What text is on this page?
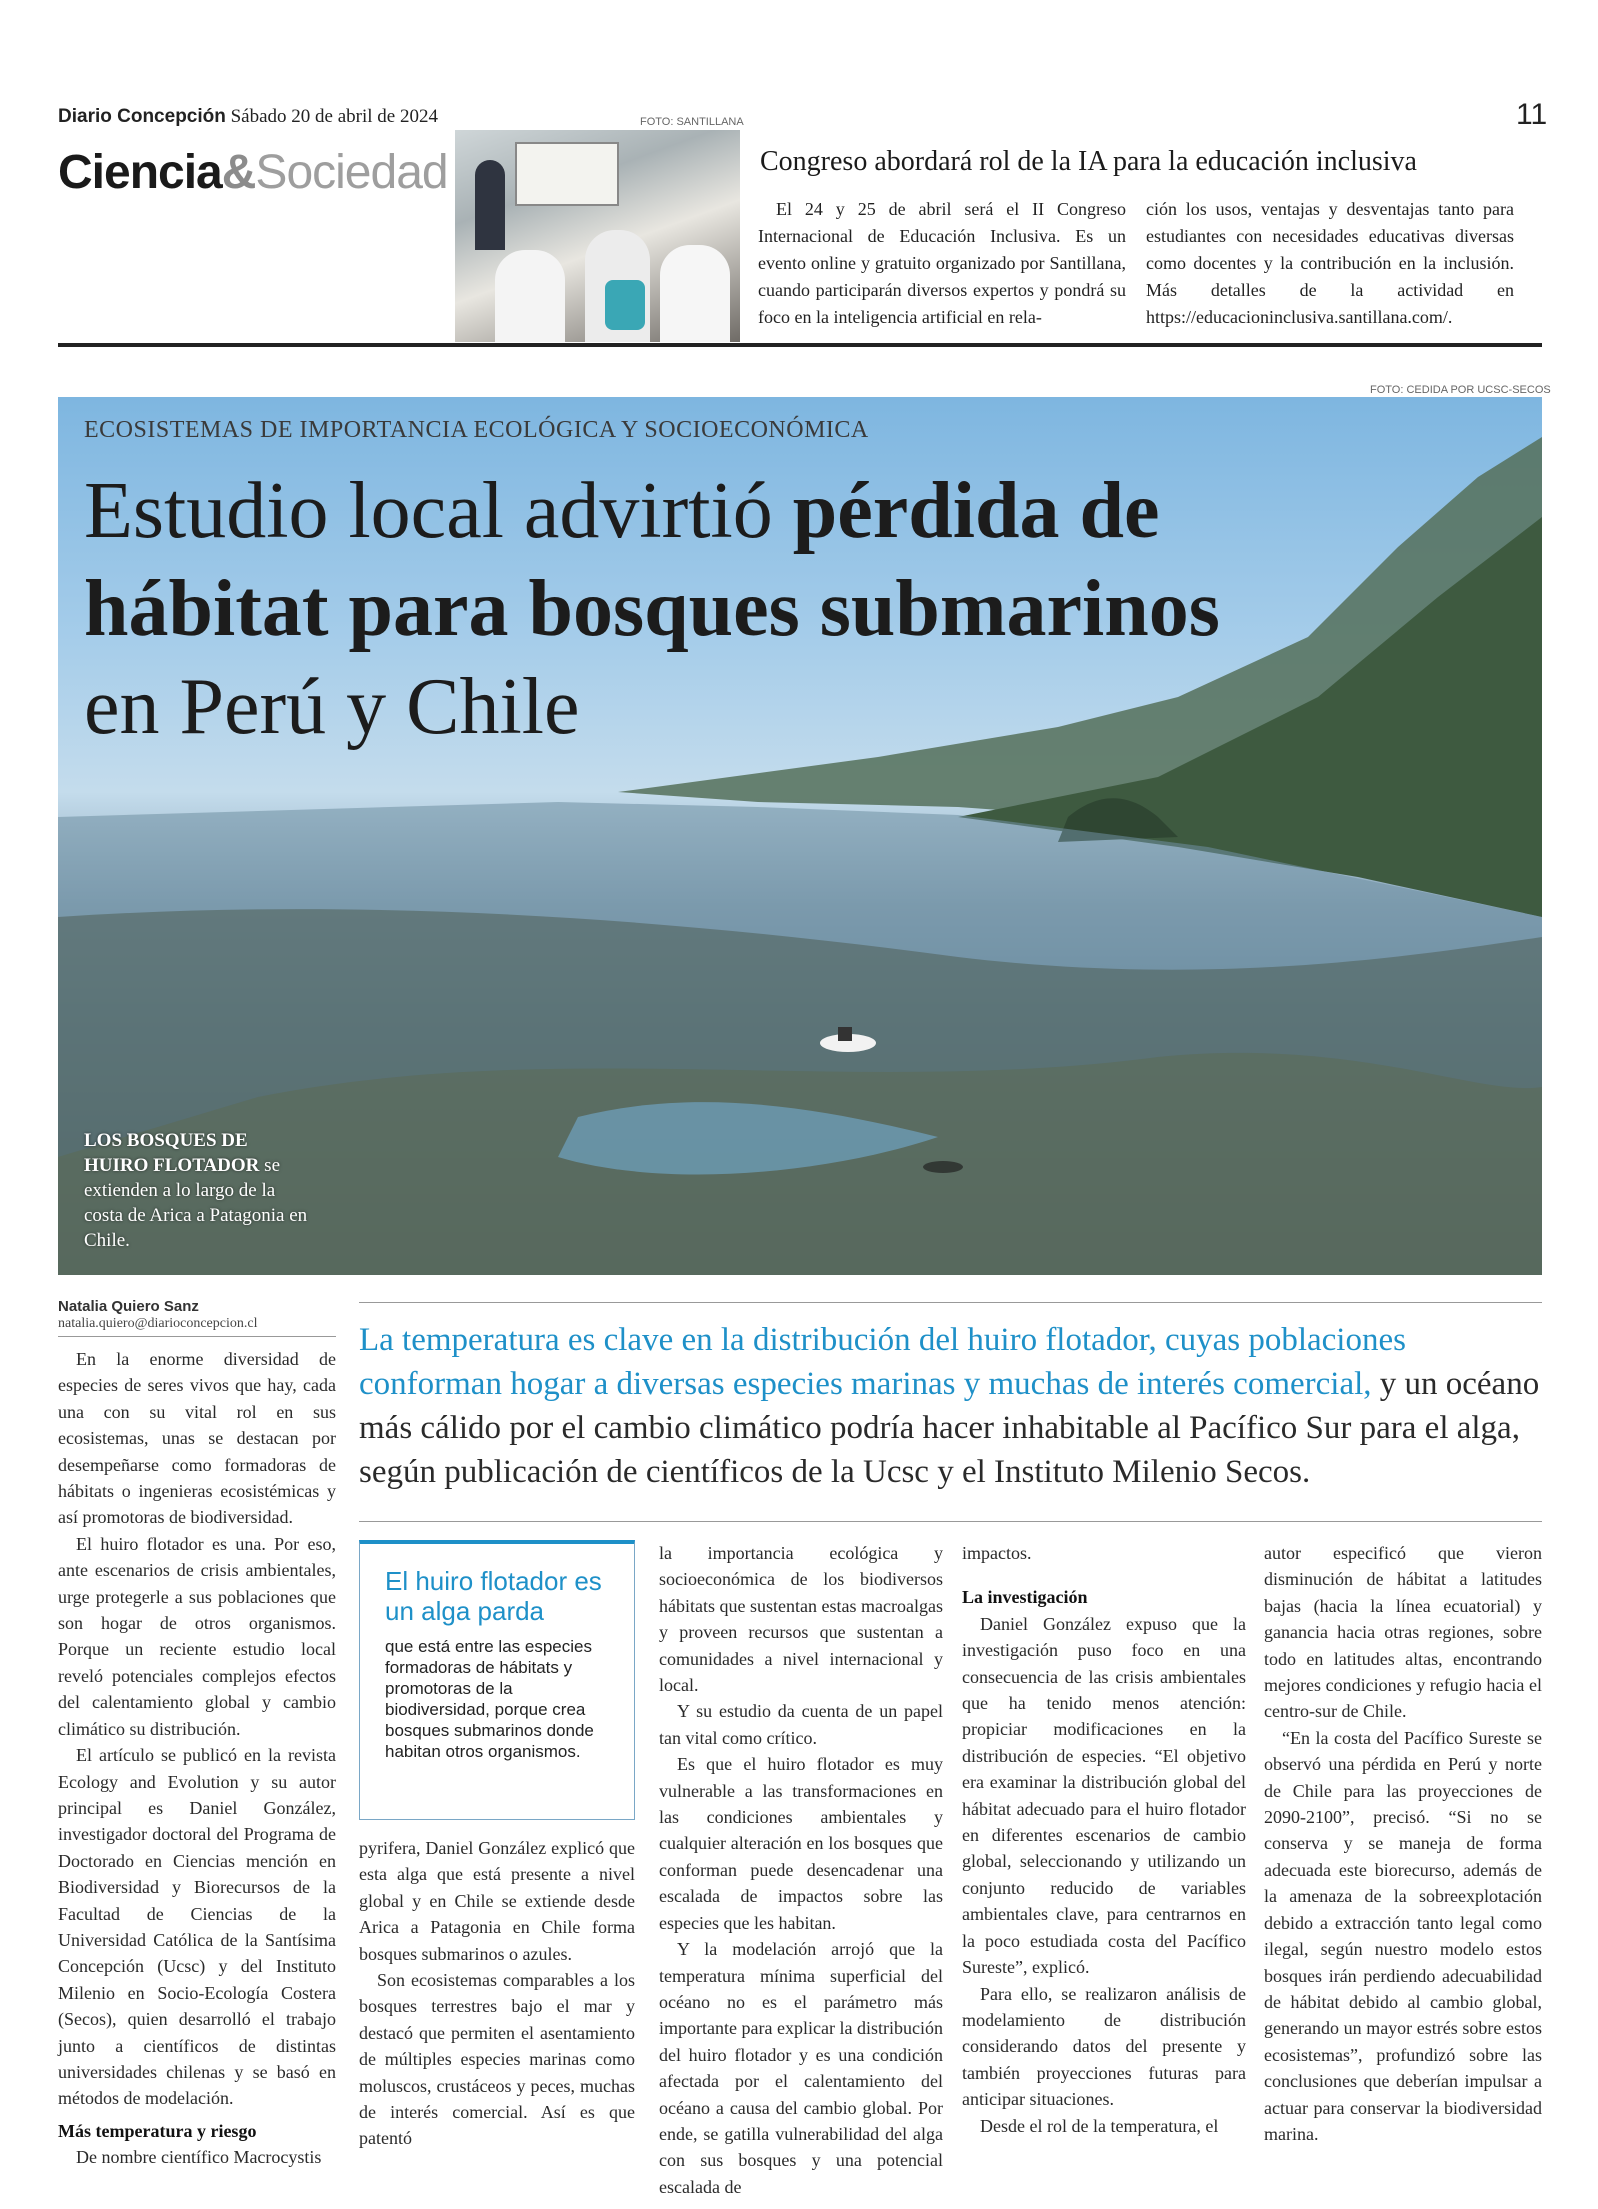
Diario Concepción Sábado 20 de abril de 2024	11
Ciencia&Sociedad
FOTO: SANTILLANA
Congreso abordará rol de la IA para la educación inclusiva
El 24 y 25 de abril será el II Congreso Internacional de Educación Inclusiva. Es un evento online y gratuito organizado por Santillana, cuando participarán diversos expertos y pondrá su foco en la inteligencia artificial en rela-
ción los usos, ventajas y desventajas tanto para estudiantes con necesidades educativas diversas como docentes y la contribución en la inclusión. Más detalles de la actividad en https://educacioninclusiva.santillana.com/.
FOTO: CEDIDA POR UCSC-SECOS
ECOSISTEMAS DE IMPORTANCIA ECOLÓGICA Y SOCIOECONÓMICA
Estudio local advirtió pérdida de hábitat para bosques submarinos en Perú y Chile
LOS BOSQUES DE HUIRO FLOTADOR se extienden a lo largo de la costa de Arica a Patagonia en Chile.
Natalia Quiero Sanz
natalia.quiero@diarioconcepcion.cl	La temperatura es clave en la distribución del huiro flotador, cuyas poblaciones conforman hogar a diversas especies marinas y muchas de interés comercial, y un océano más cálido por el cambio climático podría hacer inhabitable al Pacífico Sur para el alga, según publicación de científicos de la Ucsc y el Instituto Milenio Secos.

En la enorme diversidad de especies de seres vivos que hay, cada una con su vital rol en sus ecosistemas, unas se destacan por desempeñarse como formadoras de hábitats o ingenieras ecosistémicas y así promotoras de biodiversidad.

El huiro flotador es una. Por eso, ante escenarios de crisis ambientales, urge protegerle a sus poblaciones que son hogar de otros organismos. Porque un reciente estudio local reveló potenciales complejos efectos del calentamiento global y cambio climático su distribución.

El artículo se publicó en la revista Ecology and Evolution y su autor principal es Daniel González, investigador doctoral del Programa de Doctorado en Ciencias mención en Biodiversidad y Biorecursos de la Facultad de Ciencias de la Universidad Católica de la Santísima Concepción (Ucsc) y del Instituto Milenio en Socio-Ecología Costera (Secos), quien desarrolló el trabajo junto a científicos de distintas universidades chilenas y se basó en métodos de modelación.

Más temperatura y riesgo

De nombre científico Macrocystis

El huiro flotador es un alga parda
que está entre las especies formadoras de hábitats y promotoras de la biodiversidad, porque crea bosques submarinos donde habitan otros organismos.

pyrifera, Daniel González explicó que esta alga que está presente a nivel global y en Chile se extiende desde Arica a Patagonia en Chile forma bosques submarinos o azules.

Son ecosistemas comparables a los bosques terrestres bajo el mar y destacó que permiten el asentamiento de múltiples especies marinas como moluscos, crustáceos y peces, muchas de interés comercial. Así es que patentó

la importancia ecológica y socioeconómica de los biodiversos hábitats que sustentan estas macroalgas y proveen recursos que sustentan a comunidades a nivel internacional y local.

Y su estudio da cuenta de un papel tan vital como crítico.

Es que el huiro flotador es muy vulnerable a las transformaciones en las condiciones ambientales y cualquier alteración en los bosques que conforman puede desencadenar una escalada de impactos sobre las especies que les habitan.

Y la modelación arrojó que la temperatura mínima superficial del océano no es el parámetro más importante para explicar la distribución del huiro flotador y es una condición afectada por el calentamiento del océano a causa del cambio global. Por ende, se gatilla vulnerabilidad del alga con sus bosques y una potencial escalada de

impactos.

La investigación

Daniel González expuso que la investigación puso foco en una consecuencia de las crisis ambientales que ha tenido menos atención: propiciar modificaciones en la distribución de especies. “El objetivo era examinar la distribución global del hábitat adecuado para el huiro flotador en diferentes escenarios de cambio global, seleccionando y utilizando un conjunto reducido de variables ambientales clave, para centrarnos en la poco estudiada costa del Pacífico Sureste”, explicó.

Para ello, se realizaron análisis de modelamiento de distribución considerando datos del presente y también proyecciones futuras para anticipar situaciones.

Desde el rol de la temperatura, el

autor especificó que vieron disminución de hábitat a latitudes bajas (hacia la línea ecuatorial) y ganancia hacia otras regiones, sobre todo en latitudes altas, encontrando mejores condiciones y refugio hacia el centro-sur de Chile.

“En la costa del Pacífico Sureste se observó una pérdida en Perú y norte de Chile para las proyecciones de 2090-2100”, precisó. “Si no se conserva y se maneja de forma adecuada este biorecurso, además de la amenaza de la sobreexplotación debido a extracción tanto legal como ilegal, según nuestro modelo estos bosques irán perdiendo adecuabilidad de hábitat debido al cambio global, generando un mayor estrés sobre estos ecosistemas”, profundizó sobre las conclusiones que deberían impulsar a actuar para conservar la biodiversidad marina.
